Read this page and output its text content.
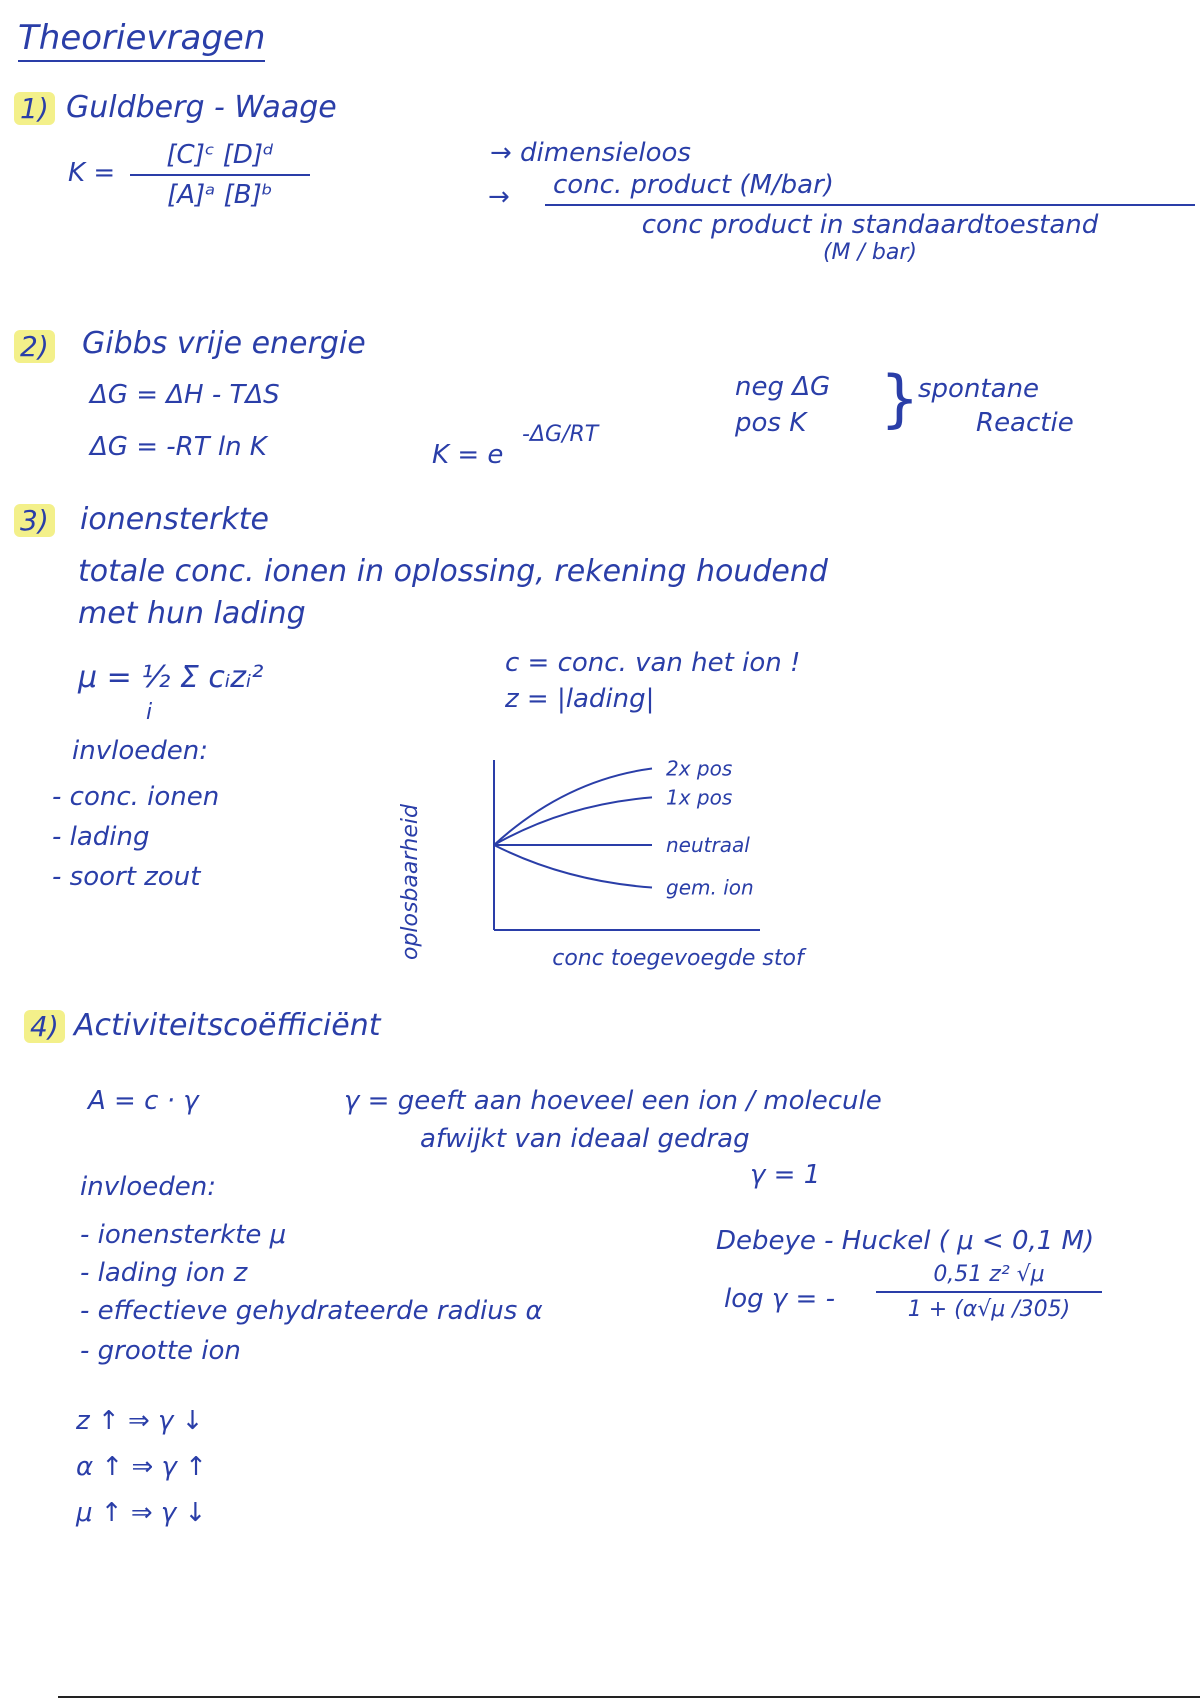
Theorievragen
1) Guldberg - Waage
K =
[C]ᶜ [D]ᵈ
[A]ᵃ [B]ᵇ
→ dimensieloos
→	conc. product (M/bar)
conc product in standaardtoestand
(M / bar)
2) Gibbs vrije energie
ΔG = ΔH - TΔS
ΔG = -RT ln K	K = e
-ΔG/RT
neg ΔG
pos K }
spontane
Reactie
3) ionensterkte
totale conc. ionen in oplossing, rekening houdend
met hun lading
μ = ½ Σ cᵢzᵢ²
i
c = conc. van het ion !
z = |lading|
invloeden:
- conc. ionen
- lading
- soort zout
2x pos
1x pos
neutraal
gem. ion
oplosbaarheid	conc toegevoegde stof
4) Activiteitscoëfficiënt
A = c · γ	γ = geeft aan hoeveel een ion / molecule
afwijkt van ideaal gedrag
γ = 1
invloeden:
- ionensterkte μ
- lading ion z
- effectieve gehydrateerde radius α
- grootte ion
Debeye - Huckel ( μ < 0,1 M)
log γ = -
0,51 z² √μ
1 + (α√μ /305)
z ↑ ⇒ γ ↓
α ↑ ⇒ γ ↑
μ ↑ ⇒ γ ↓
